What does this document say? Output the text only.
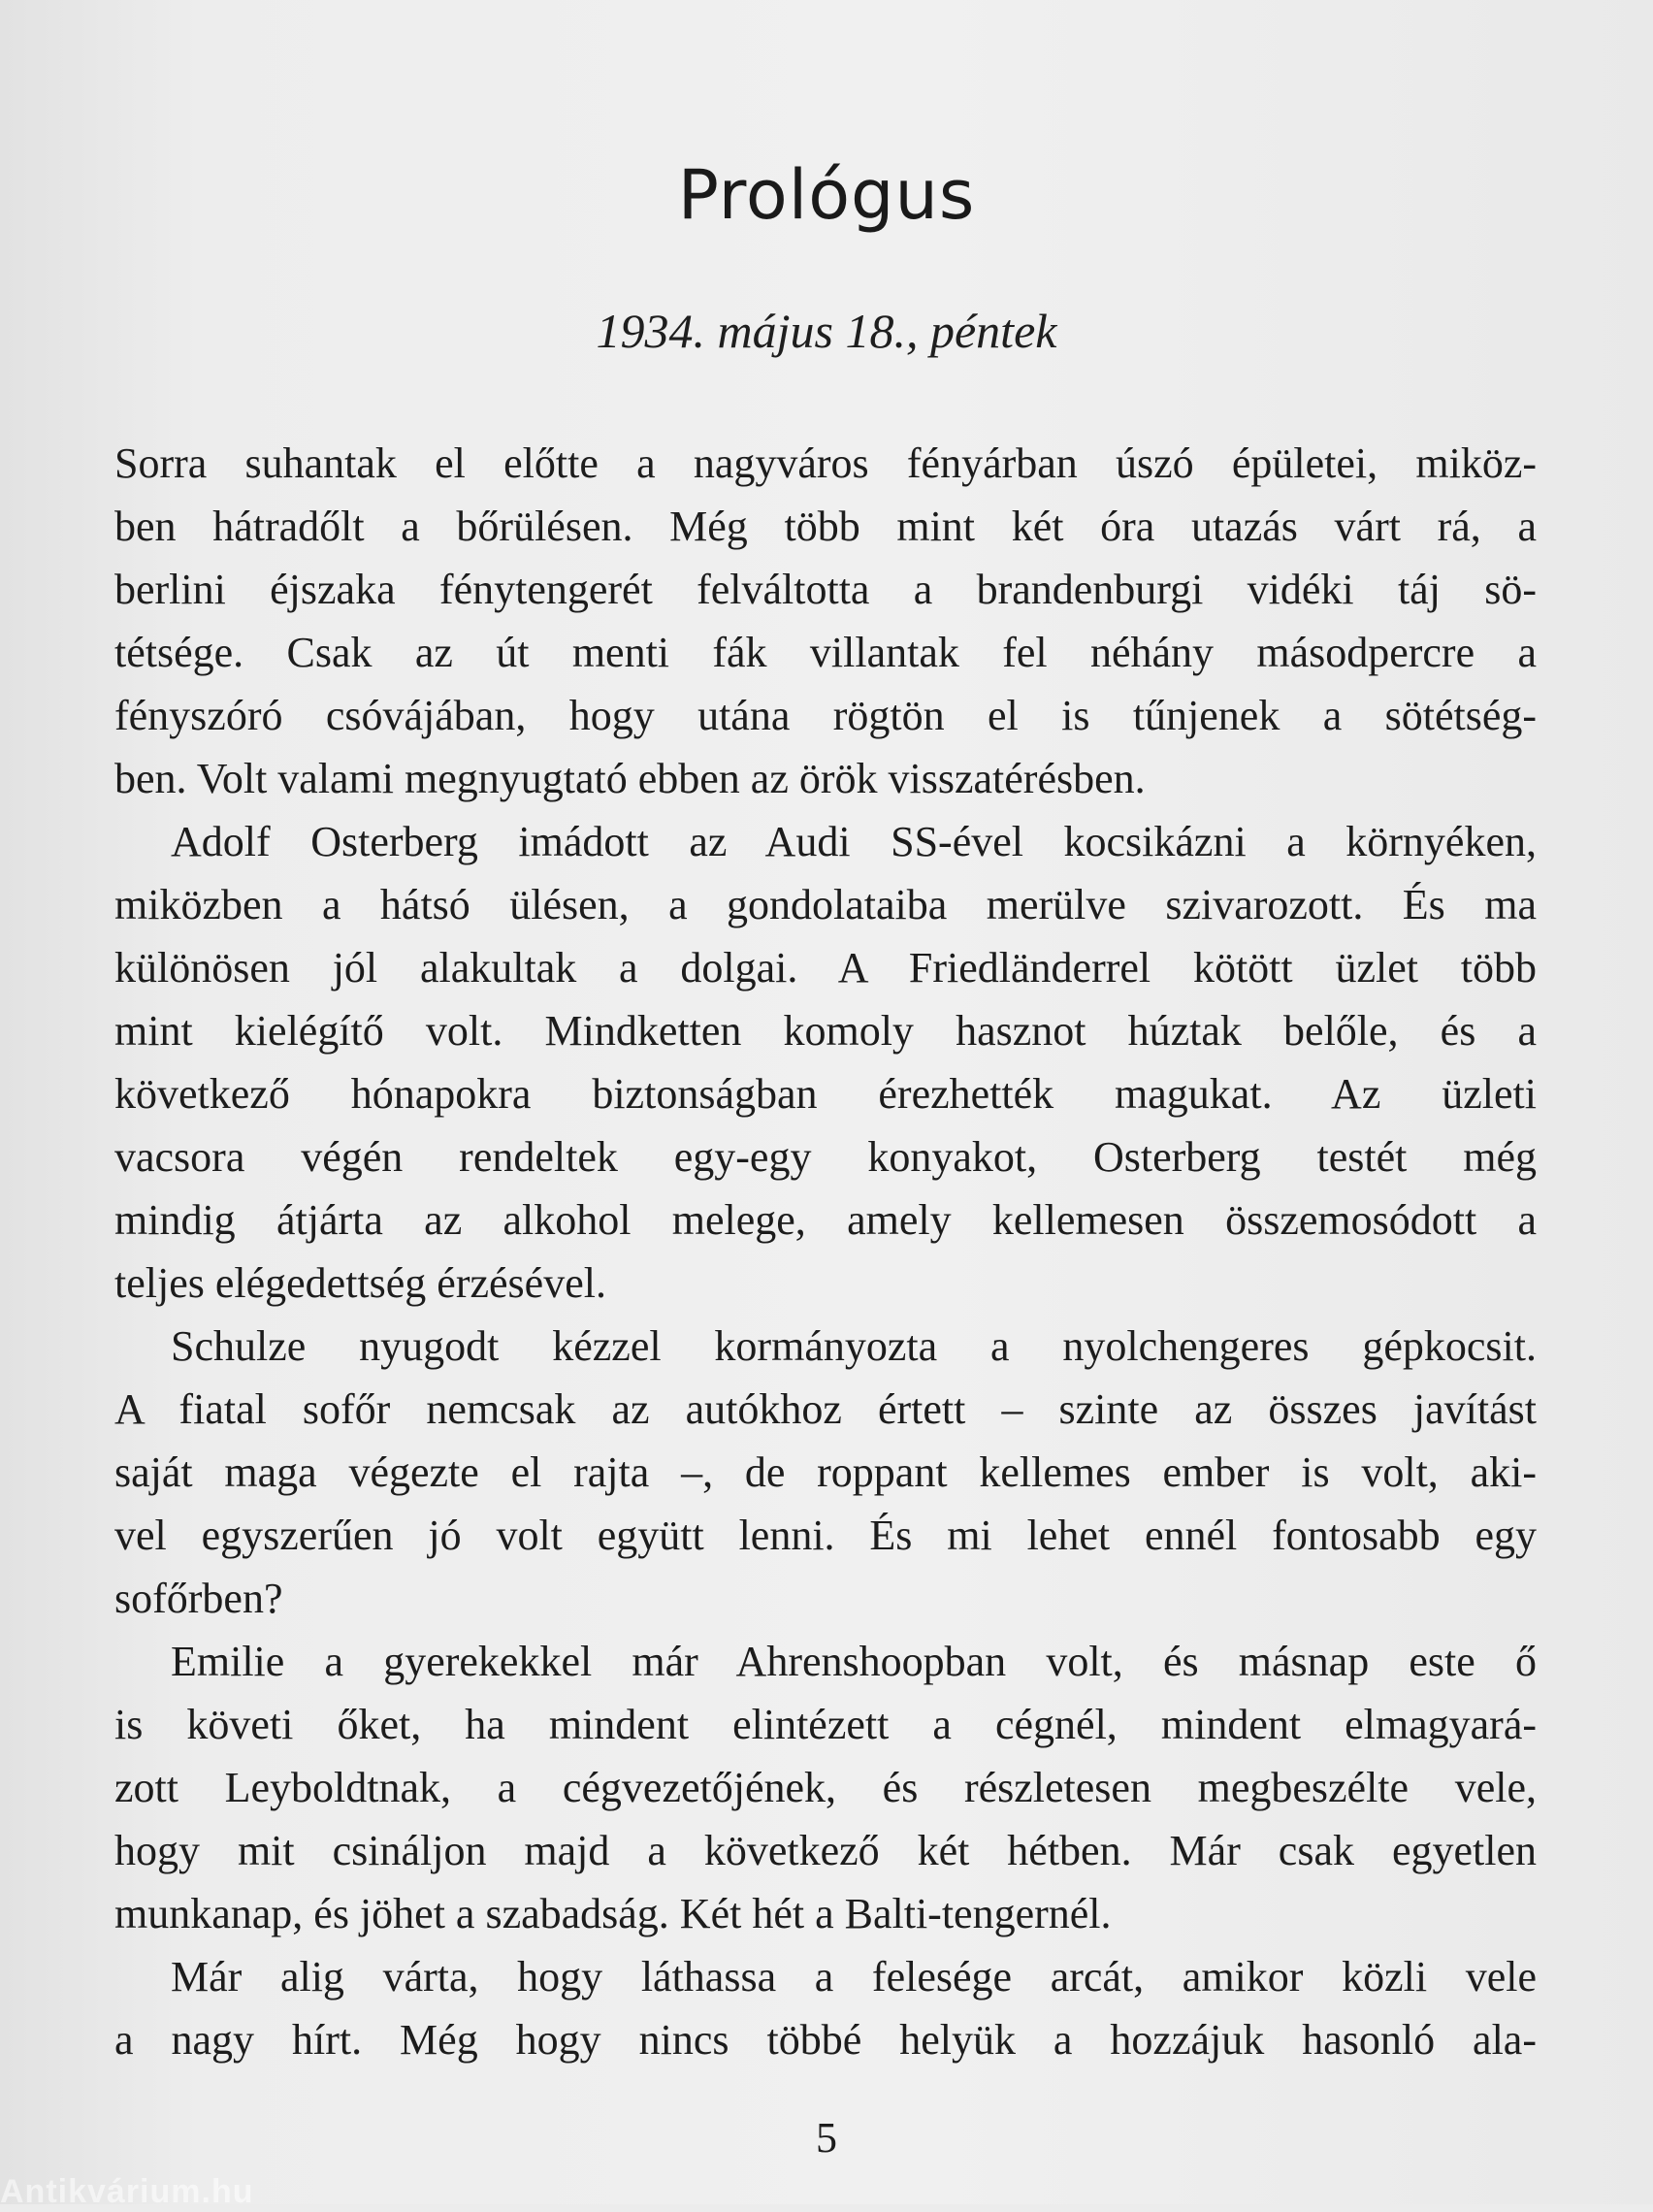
Prológus
1934. május 18., péntek
Sorra suhantak el előtte a nagyváros fényárban úszó épületei, miköz-
ben hátradőlt a bőrülésen. Még több mint két óra utazás várt rá, a
berlini éjszaka fénytengerét felváltotta a brandenburgi vidéki táj sö-
tétsége. Csak az út menti fák villantak fel néhány másodpercre a
fényszóró csóvájában, hogy utána rögtön el is tűnjenek a sötétség-
ben. Volt valami megnyugtató ebben az örök visszatérésben.
Adolf Osterberg imádott az Audi SS-ével kocsikázni a környéken,
miközben a hátsó ülésen, a gondolataiba merülve szivarozott. És ma
különösen jól alakultak a dolgai. A Friedländerrel kötött üzlet több
mint kielégítő volt. Mindketten komoly hasznot húztak belőle, és a
következő hónapokra biztonságban érezhették magukat. Az üzleti
vacsora végén rendeltek egy-egy konyakot, Osterberg testét még
mindig átjárta az alkohol melege, amely kellemesen összemosódott a
teljes elégedettség érzésével.
Schulze nyugodt kézzel kormányozta a nyolchengeres gépkocsit.
A fiatal sofőr nemcsak az autókhoz értett – szinte az összes javítást
saját maga végezte el rajta –, de roppant kellemes ember is volt, aki-
vel egyszerűen jó volt együtt lenni. És mi lehet ennél fontosabb egy
sofőrben?
Emilie a gyerekekkel már Ahrenshoopban volt, és másnap este ő
is követi őket, ha mindent elintézett a cégnél, mindent elmagyará-
zott Leyboldtnak, a cégvezetőjének, és részletesen megbeszélte vele,
hogy mit csináljon majd a következő két hétben. Már csak egyetlen
munkanap, és jöhet a szabadság. Két hét a Balti-tengernél.
Már alig várta, hogy láthassa a felesége arcát, amikor közli vele
a nagy hírt. Még hogy nincs többé helyük a hozzájuk hasonló ala-
5
Antikvárium.hu
